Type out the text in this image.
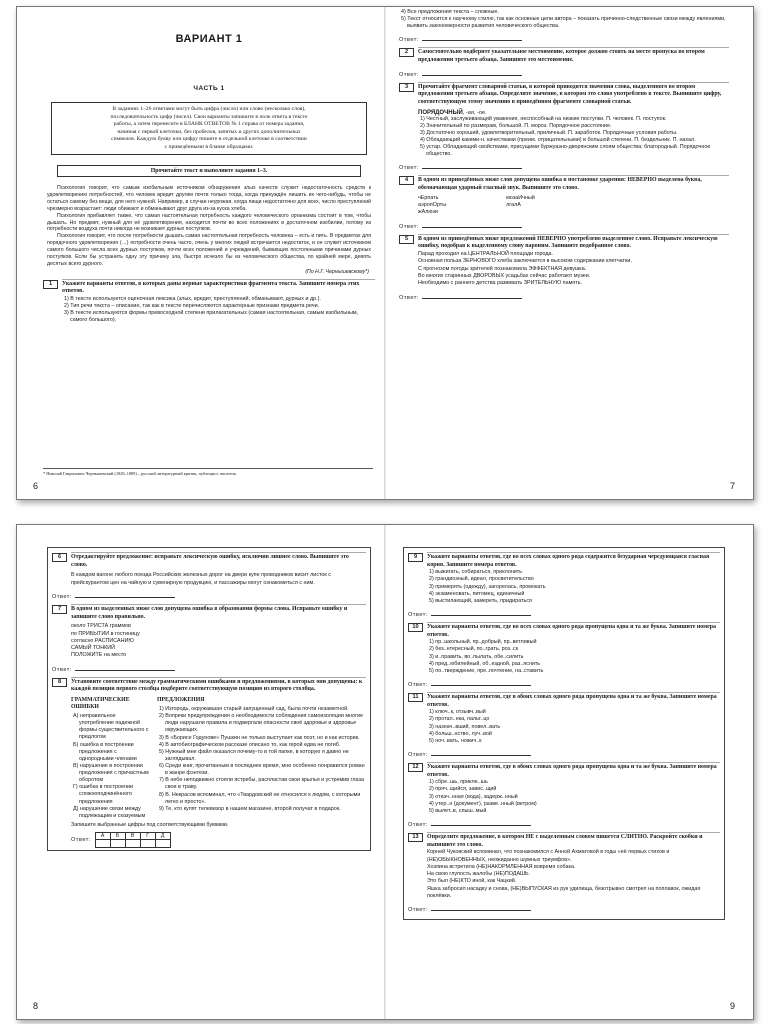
ВАРИАНТ 1
ЧАСТЬ 1
В заданиях 1–26 ответами могут быть цифра (число) или слово (несколько слов),
последовательность цифр (чисел). Свои варианты запишите в поле ответа в тексте
работы, а затем перенесите в БЛАНК ОТВЕТОВ № 1 справа от номера задания,
начиная с первой клеточки, без пробелов, запятых и других дополнительных
символов. Каждую букву или цифру пишите в отдельной клеточке в соответствии
с приведёнными в бланке образцами.
Прочитайте текст и выполните задания 1–3.
Психология говорит, что самым изобильным источником обнаружения злых качеств служит недостаточность средств к удовлетворению потребностей, что человек вредит другим почти только тогда, когда принуждён лишить их чего-нибудь, чтобы не остаться самому без вещи, для него нужной. Например, в случае неурожая, когда пищи недостаточно для всех, число преступлений чрезмерно возрастает: люди обижают и обманывают друг друга из-за куска хлеба.
Психология прибавляет также, что самая настоятельная потребность каждого человеческого организма состоит в том, чтобы дышать. Но предмет, нужный для её удовлетворения, находится почти во всех положениях в достаточном изобилии, потому из потребности воздуха почти никогда не возникает дурных поступков.
Психология говорит, что после потребности дышать самая настоятельная потребность человека – есть и пить. В предметах для порядочного удовлетворения (…) потребности очень часто, очень у многих людей встречается недостаток, и он служит источником самого большого числа всех дурных поступков, почти всех положений и учреждений, бывающих постоянными причинами дурных поступков. Если бы устранить одну эту причину зла, быстро исчезло бы из человеческого общества, по крайней мере, девять десятых всего дурного.
(По Н.Г. Чернышевскому*)
1	Укажите варианты ответов, в которых даны верные характеристики фрагмента текста. Запишите номера этих ответов.
1) В тексте используется оценочная лексика (злых, вредит, преступлений, обманывают, дурных и др.).
2) Тип речи текста – описание, так как в тексте перечисляются характерные признаки предмета речи.
3) В тексте используются формы превосходной степени прилагательных (самая настоятельная, самым изобильным, самого большого).
* Николай Гаврилович Чернышевский (1828–1889) – русский литературный критик, публицист, писатель.
6
4) Все предложения текста – сложные.
5) Текст относится к научному стилю, так как основные цели автора – показать причинно-следственные связи между явлениями, выявить закономерности развития человеческого общества.
Ответ:
2	Самостоятельно подберите указательное местоимение, которое должно стоять на месте пропуска во втором предложении третьего абзаца. Запишите это местоимение.
Ответ:
3	Прочитайте фрагмент словарной статьи, в которой приводятся значения слова, выделенного во втором предложении третьего абзаца. Определите значение, в котором это слово употреблено в тексте. Выпишите цифру, соответствующую этому значению в приведённом фрагменте словарной статьи.
ПОРЯДОЧНЫЙ, -ая, -ое.
1) Честный, заслуживающий уважения, неспособный на низкие поступки. П. человек. П. поступок.
2) Значительный по размерам, большой. П. мороз. Порядочное расстояние.
3) Достаточно хороший, удовлетворительный, приличный. П. заработок. Порядочные условия работы.
4) Обладающий какими-н. качествами (преим. отрицательными) в большой степени. П. бездельник. П. нахал.
5) устар. Обладающий свойствами, присущими буржуазно-дворянским слоям общества; благородный. Порядочное общество.
Ответ:
4	В одном из приведённых ниже слов допущена ошибка в постановке ударения: НЕВЕРНО выделена буква, обозначающая ударный гласный звук. Выпишите это слово.
чЕрпать
аэропОрты
жАлюзи
мозаИчный
лгалА
Ответ:
5	В одном из приведённых ниже предложений НЕВЕРНО употреблено выделенное слово. Исправьте лексическую ошибку, подобрав к выделенному слову пароним. Запишите подобранное слово.
Парад проходил на ЦЕНТРАЛЬНОЙ площади города.
Основная польза ЗЕРНОВОГО хлеба заключается в высоком содержании клетчатки.
С прогнозом погоды зрителей познакомила ЭФФЕКТНАЯ девушка.
Во многих старинных ДВОРОВЫХ усадьбах сейчас работают музеи.
Необходимо с раннего детства развивать ЗРИТЕЛЬНУЮ память.
Ответ:
7
6	Отредактируйте предложение: исправьте лексическую ошибку, исключив лишнее слово. Выпишите это слово.
В каждом вагоне любого поезда Российских железных дорог на двери купе проводников висит листок с прейскурантом цен на чайную и сувенирную продукцию, и пассажиры могут ознакомиться с ним.
Ответ:
7	В одном из выделенных ниже слов допущена ошибка в образовании формы слова. Исправьте ошибку и запишите слово правильно.
около ТРИСТА граммов
по ПРИБЫТИИ в гостиницу
согласно РАСПИСАНИЮ
САМЫЙ ТОНКИЙ
ПОЛОЖИТЕ на место
Ответ:
8	Установите соответствие между грамматическими ошибками и предложениями, в которых они допущены: к каждой позиции первого столбца подберите соответствующую позицию из второго столбца.
ГРАММАТИЧЕСКИЕ ОШИБКИ
А) неправильное употребление падежной формы существительного с предлогом
Б) ошибка в построении предложения с однородными членами
В) нарушение в построении предложения с причастным оборотом
Г) ошибка в построении сложноподчинённого предложения
Д) нарушение связи между подлежащим и сказуемым
ПРЕДЛОЖЕНИЯ
1) Изгородь, окружавшая старый запущенный сад, была почти незаметной.
2) Вопреки предупреждения о необходимости соблюдения самоизоляции многие люди нарушали правила и подвергали опасности своё здоровье и здоровье окружающих.
3) В «Борисе Годунове» Пушкин не только выступает как поэт, но и как историк.
4) В автобиографическом рассказе описано то, как герой едва не погиб.
5) Нужный мне файл оказался почему-то в той папке, в которую я давно не заглядывал.
6) Среди книг, прочитанным в последнее время, мне особенно понравился роман в жанре фэнтези.
7) В небе неподвижно стояли ястребы, распластав свои крылья и устремив глаза свои в траву.
8) В. Некрасов вспоминал, что «Твардовский не относился к людям, с которыми легко и просто».
9) Те, кто купят телевизор в нашем магазине, второй получат в подарок.
Запишите выбранные цифры под соответствующими буквами.
Ответ:
А	Б	В	Г	Д

8
9	Укажите варианты ответов, где во всех словах одного ряда содержится безударная чередующаяся гласная корня. Запишите номера ответов.
1) выжигать, собираться, приклонить
2) грандиозный, идеал, просветительство
3) примерять (одежду), загорелась, промокать
4) экзаменовать, питомец, единичный
5) выстилающий, замереть, придираться
Ответ:
10	Укажите варианты ответов, где во всех словах одного ряда пропущена одна и та же буква. Запишите номера ответов.
1) пр..школьный, пр..добрый, пр..ветливый
2) без..нтересный, по..грать, роз..ск
3) и..править, во..пылать, обе..силить
4) пред..юбилейный, об..ездной, раз..яснить
5) по..тверждение, пре..почтение, на..ставить
Ответ:
11	Укажите варианты ответов, где в обоих словах одного ряда пропущена одна и та же буква. Запишите номера ответов.
1) ключ..к, отзывч..вый
2) протал..нка, пальт..цо
3) назнач..вший, повел..вать
4) больш..нство, луч..вой
5) ноч..вать, ножич..к
Ответ:
12	Укажите варианты ответов, где в обоих словах одного ряда пропущена одна и та же буква. Запишите номера ответов.
1) сбре..шь, прикле..шь
2) пряч..щийся, завис..щий
3) откач..нная (вода), задерж..нный
4) утер..н (документ), разве..нный (ветром)
5) вылет..в, слыш..мый
Ответ:
13	Определите предложение, в котором НЕ с выделенным словом пишется СЛИТНО. Раскройте скобки и выпишите это слово.
Корней Чуковский вспоминал, что познакомился с Анной Ахматовой в годы «её первых стихов и (НЕ)ОБЫКНОВЕННЫХ, неожиданно шумных триумфов».
Хозяина встретила (НЕ)НАКОРМЛЕННАЯ вовремя собака.
На свою глупость жалобы (НЕ)ПОДАШЬ.
Это был (НЕ)КТО иной, как Чацкий.
Яшка забросил насадку и снова, (НЕ)ВЫПУСКАЯ из рук удилища, безотрывно смотрел на поплавок, ожидая поклёвки.
Ответ:
9
